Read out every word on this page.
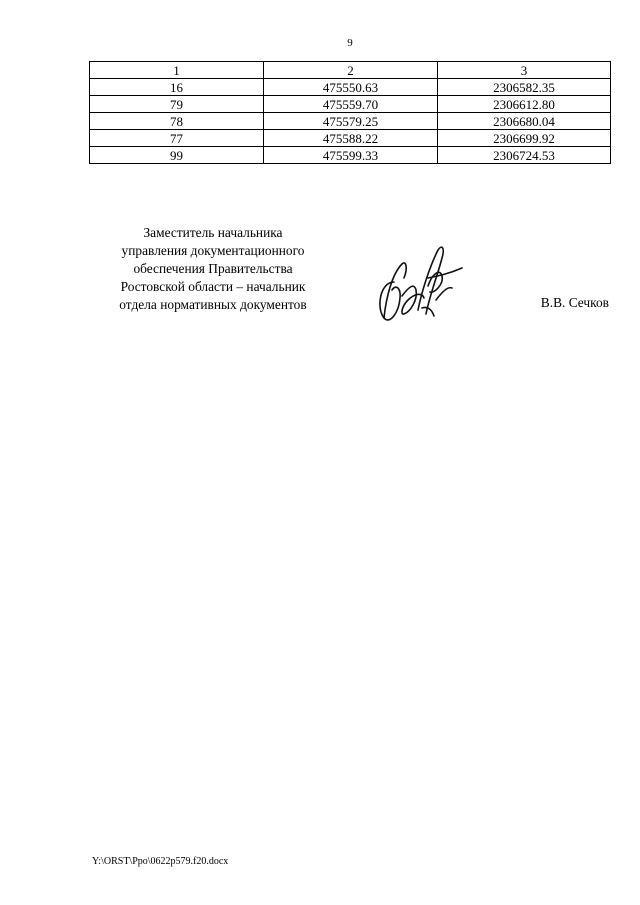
9
1	2	3
16	475550.63	2306582.35
79	475559.70	2306612.80
78	475579.25	2306680.04
77	475588.22	2306699.92
99	475599.33	2306724.53
Заместитель начальника
управления документационного
обеспечения Правительства
Ростовской области – начальник
отдела нормативных документов	В.В. Сечков
Y:\ORST\Ppo\0622p579.f20.docx
